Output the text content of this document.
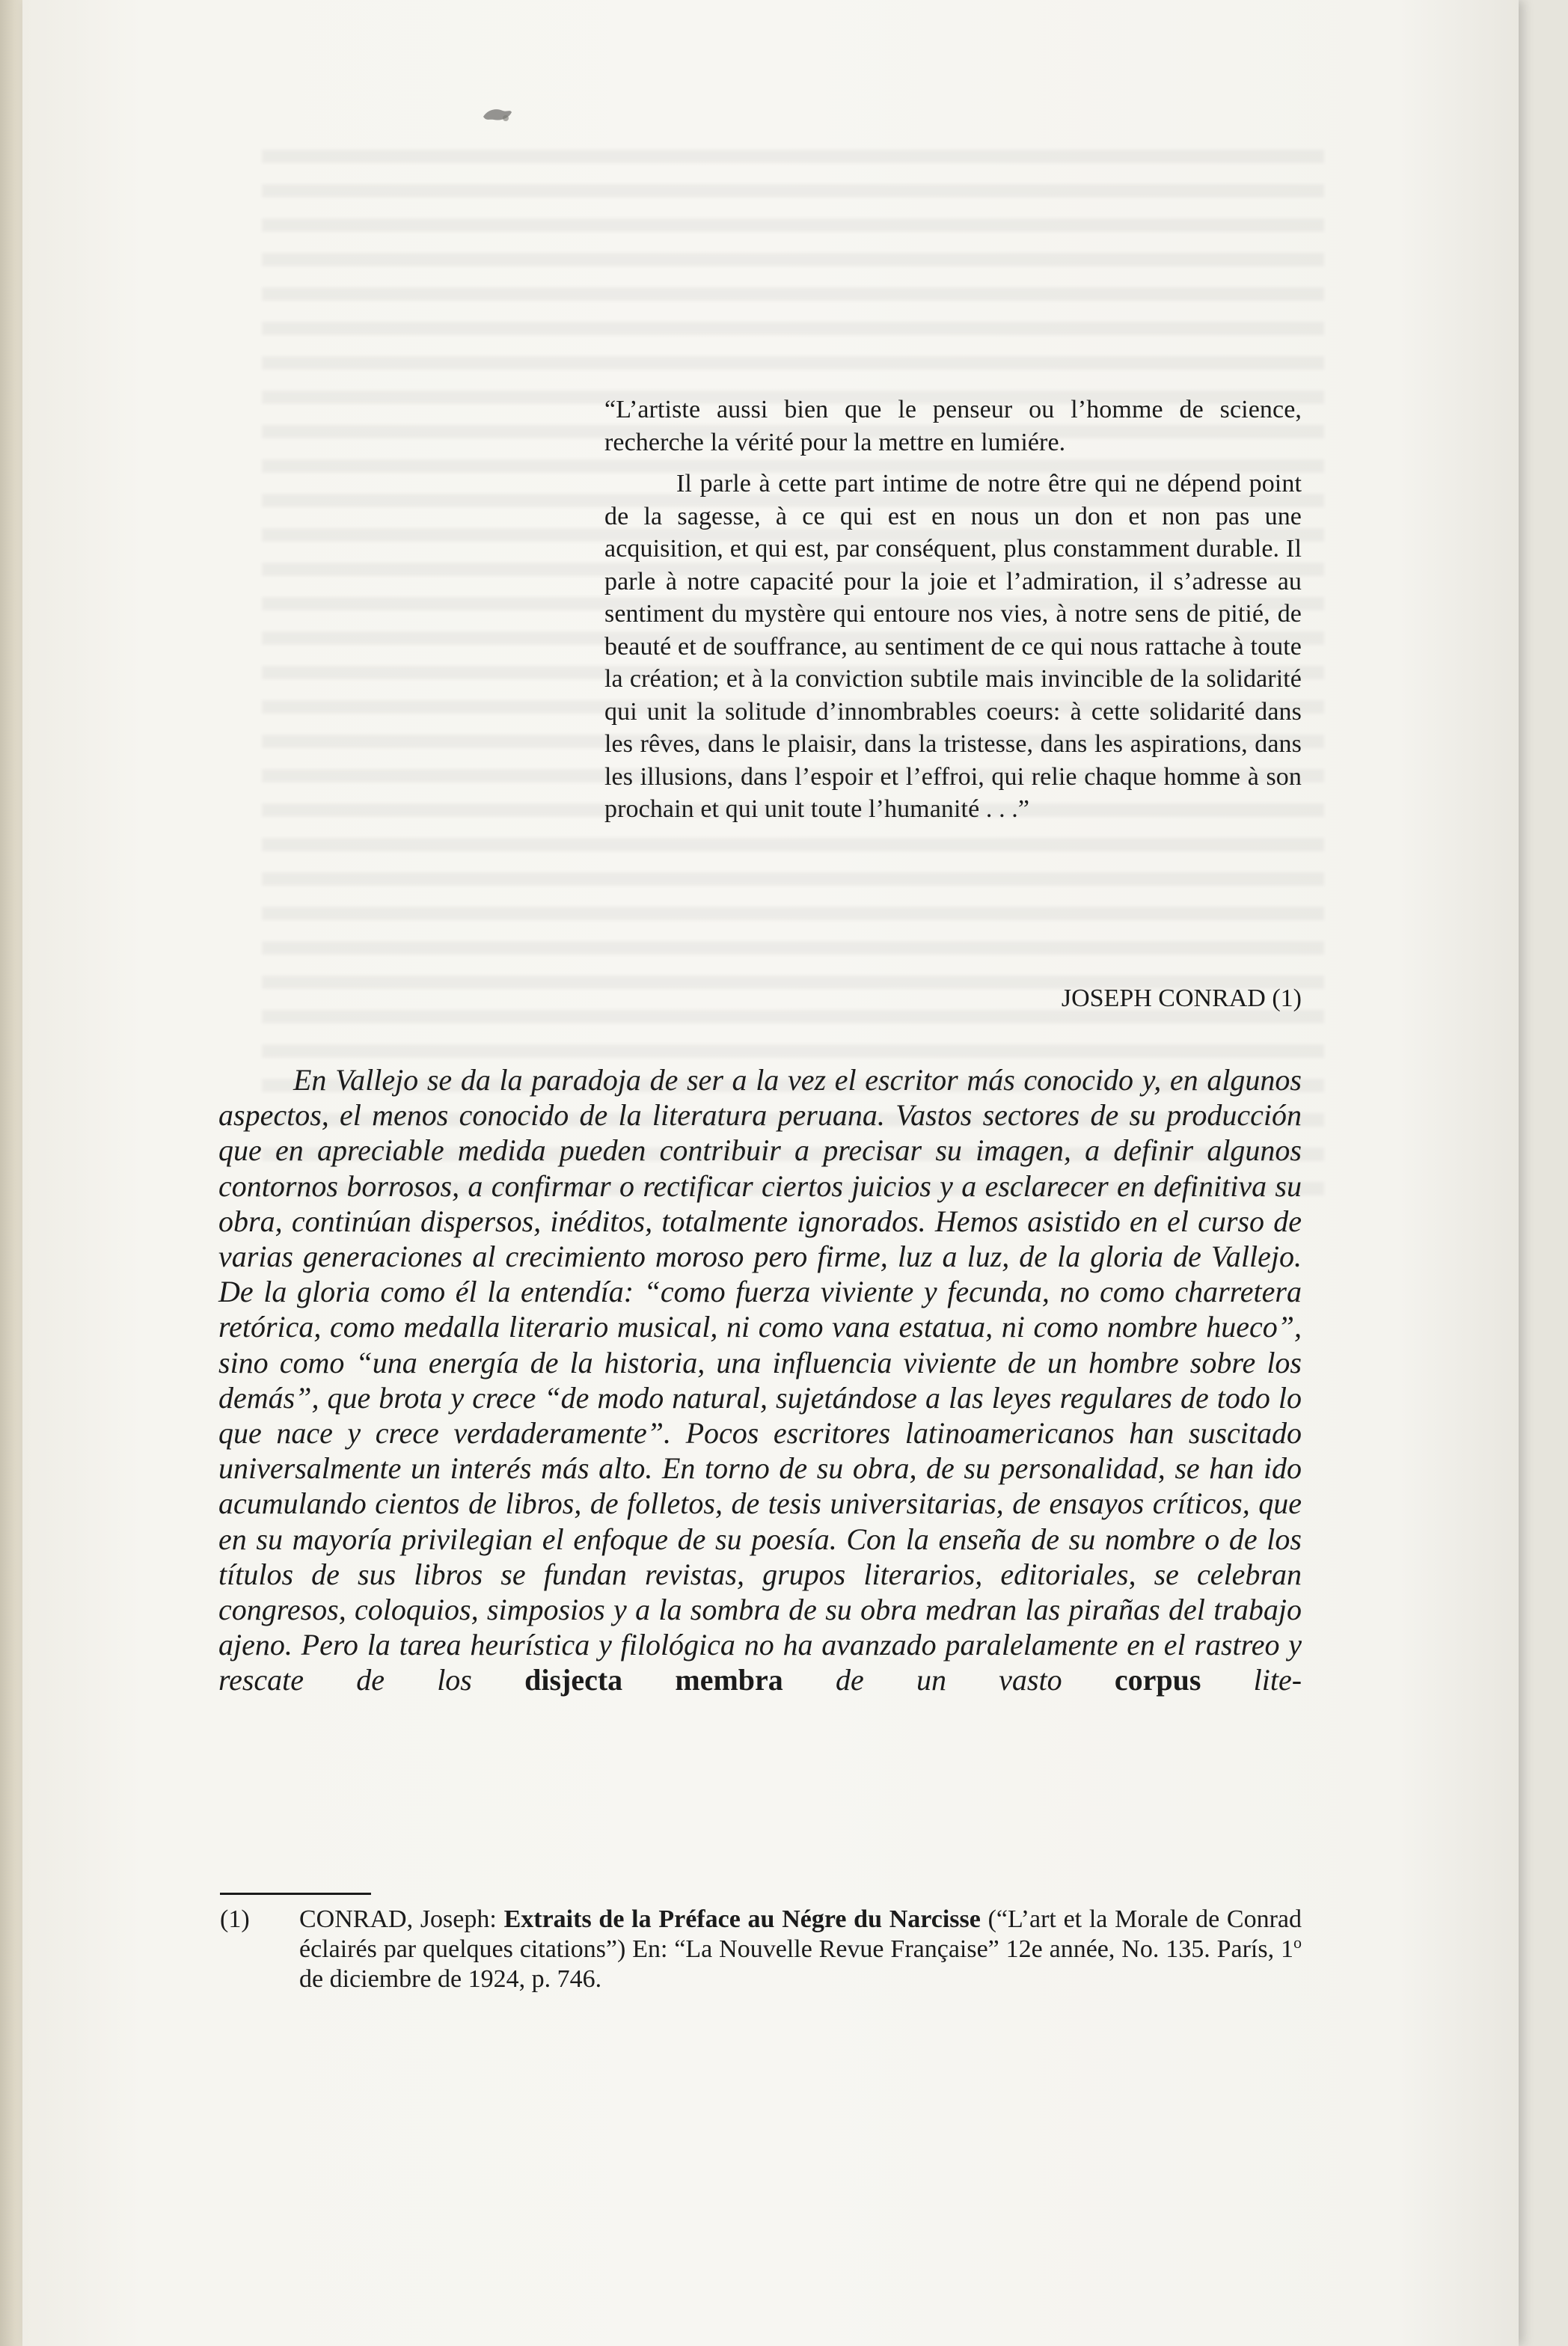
“L’artiste aussi bien que le penseur ou l’homme de science, recherche la vérité pour la mettre en lumiére.

Il parle à cette part intime de notre être qui ne dépend point de la sagesse, à ce qui est en nous un don et non pas une acquisition, et qui est, par conséquent, plus constamment durable. Il parle à notre capacité pour la joie et l’admiration, il s’adresse au sentiment du mystère qui entoure nos vies, à notre sens de pitié, de beauté et de souffrance, au sentiment de ce qui nous rattache à toute la création; et à la conviction subtile mais invincible de la solidarité qui unit la solitude d’innombrables coeurs: à cette solidarité dans les rêves, dans le plaisir, dans la tristesse, dans les aspirations, dans les illusions, dans l’espoir et l’effroi, qui relie chaque homme à son prochain et qui unit toute l’humanité . . .”

JOSEPH CONRAD (1)
En Vallejo se da la paradoja de ser a la vez el escritor más conocido y, en algunos aspectos, el menos conocido de la literatura peruana. Vastos sectores de su producción que en apreciable medida pueden contribuir a precisar su imagen, a definir algunos contornos borrosos, a confirmar o rectificar ciertos juicios y a esclarecer en definitiva su obra, continúan dispersos, inéditos, totalmente ignorados. Hemos asistido en el curso de varias generaciones al crecimiento moroso pero firme, luz a luz, de la gloria de Vallejo. De la gloria como él la entendía: “como fuerza viviente y fecunda, no como charretera retórica, como medalla literario musical, ni como vana estatua, ni como nombre hueco”, sino como “una energía de la historia, una influencia viviente de un hombre sobre los demás”, que brota y crece “de modo natural, sujetándose a las leyes regulares de todo lo que nace y crece verdaderamente”. Pocos escritores latinoamericanos han suscitado universalmente un interés más alto. En torno de su obra, de su personalidad, se han ido acumulando cientos de libros, de folletos, de tesis universitarias, de ensayos críticos, que en su mayoría privilegian el enfoque de su poesía. Con la enseña de su nombre o de los títulos de sus libros se fundan revistas, grupos literarios, editoriales, se celebran congresos, coloquios, simposios y a la sombra de su obra medran las pirañas del trabajo ajeno. Pero la tarea heurística y filológica no ha avanzado paralelamente en el rastreo y rescate de los disjecta membra de un vasto corpus lite-
(1) CONRAD, Joseph: Extraits de la Préface au Négre du Narcisse (“L’art et la Morale de Conrad éclairés par quelques citations”) En: “La Nouvelle Revue Française” 12e année, No. 135. París, 1$^o$ de diciembre de 1924, p. 746.
